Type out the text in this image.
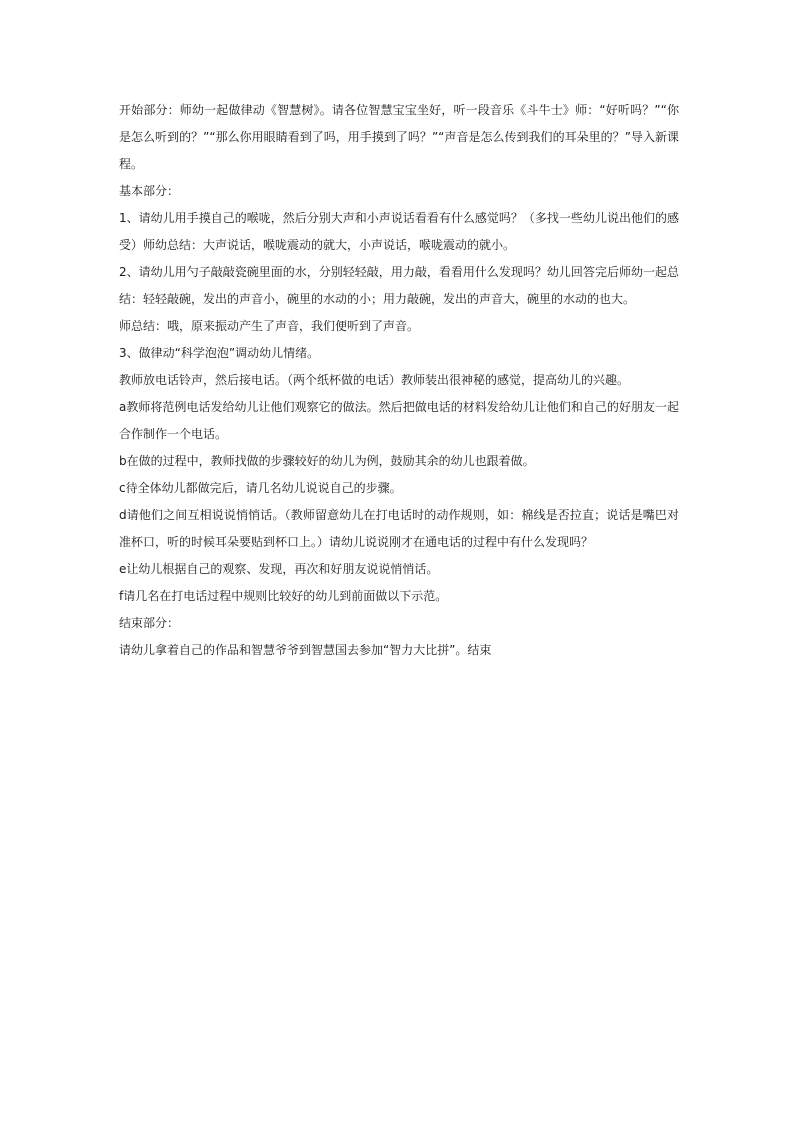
开始部分：师幼一起做律动《智慧树》。请各位智慧宝宝坐好，听一段音乐《斗牛士》师：“好听吗？”“你是怎么听到的？”“那么你用眼睛看到了吗，用手摸到了吗？”“声音是怎么传到我们的耳朵里的？”导入新课程。

基本部分：

1、请幼儿用手摸自己的喉咙，然后分别大声和小声说话看看有什么感觉吗？（多找一些幼儿说出他们的感受）师幼总结：大声说话，喉咙震动的就大，小声说话，喉咙震动的就小。

2、请幼儿用勺子敲敲瓷碗里面的水，分别轻轻敲，用力敲，看看用什么发现吗？幼儿回答完后师幼一起总结：轻轻敲碗，发出的声音小，碗里的水动的小；用力敲碗，发出的声音大，碗里的水动的也大。

师总结：哦，原来振动产生了声音，我们便听到了声音。

3、做律动“科学泡泡”调动幼儿情绪。

教师放电话铃声，然后接电话。（两个纸杯做的电话）教师装出很神秘的感觉，提高幼儿的兴趣。

a教师将范例电话发给幼儿让他们观察它的做法。然后把做电话的材料发给幼儿让他们和自己的好朋友一起合作制作一个电话。

b在做的过程中，教师找做的步骤较好的幼儿为例，鼓励其余的幼儿也跟着做。

c待全体幼儿都做完后，请几名幼儿说说自己的步骤。

d请他们之间互相说说悄悄话。（教师留意幼儿在打电话时的动作规则，如：棉线是否拉直；说话是嘴巴对准杯口，听的时候耳朵要贴到杯口上。）请幼儿说说刚才在通电话的过程中有什么发现吗？

e让幼儿根据自己的观察、发现，再次和好朋友说说悄悄话。

f请几名在打电话过程中规则比较好的幼儿到前面做以下示范。

结束部分：

请幼儿拿着自己的作品和智慧爷爷到智慧国去参加“智力大比拼”。结束
